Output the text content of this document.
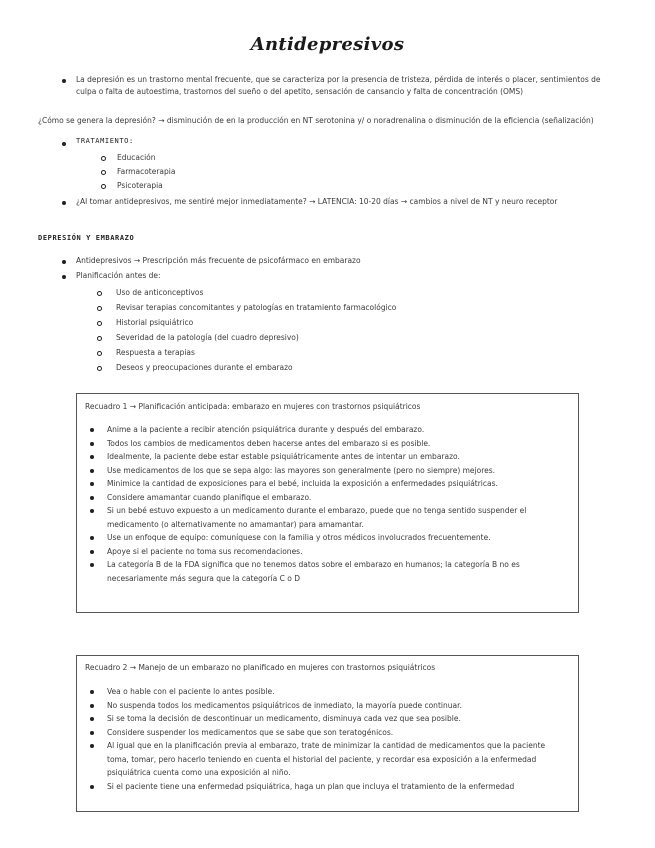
Antidepresivos
La depresión es un trastorno mental frecuente, que se caracteriza por la presencia de tristeza, pérdida de interés o placer, sentimientos de culpa o falta de autoestima, trastornos del sueño o del apetito, sensación de cansancio y falta de concentración (OMS)
¿Cómo se genera la depresión? → disminución de en la producción en NT serotonina y/ o noradrenalina o disminución de la eficiencia (señalización)
TRATAMIENTO:
Educación
Farmacoterapia
Psicoterapia
¿Al tomar antidepresivos, me sentiré mejor inmediatamente? → LATENCIA: 10-20 días → cambios a nivel de NT y neuro receptor
DEPRESIÓN Y EMBARAZO
Antidepresivos → Prescripción más frecuente de psicofármaco en embarazo
Planificación antes de:
Uso de anticonceptivos
Revisar terapias concomitantes y patologías en tratamiento farmacológico
Historial psiquiátrico
Severidad de la patología (del cuadro depresivo)
Respuesta a terapias
Deseos y preocupaciones durante el embarazo
Recuadro 1 → Planificación anticipada: embarazo en mujeres con trastornos psiquiátricos
Anime a la paciente a recibir atención psiquiátrica durante y después del embarazo.
Todos los cambios de medicamentos deben hacerse antes del embarazo si es posible.
Idealmente, la paciente debe estar estable psiquiátricamente antes de intentar un embarazo.
Use medicamentos de los que se sepa algo: las mayores son generalmente (pero no siempre) mejores.
Minimice la cantidad de exposiciones para el bebé, incluida la exposición a enfermedades psiquiátricas.
Considere amamantar cuando planifique el embarazo.
Si un bebé estuvo expuesto a un medicamento durante el embarazo, puede que no tenga sentido suspender el medicamento (o alternativamente no amamantar) para amamantar.
Use un enfoque de equipo: comuníquese con la familia y otros médicos involucrados frecuentemente.
Apoye si el paciente no toma sus recomendaciones.
La categoría B de la FDA significa que no tenemos datos sobre el embarazo en humanos; la categoría B no es necesariamente más segura que la categoría C o D
Recuadro 2 → Manejo de un embarazo no planificado en mujeres con trastornos psiquiátricos
Vea o hable con el paciente lo antes posible.
No suspenda todos los medicamentos psiquiátricos de inmediato, la mayoría puede continuar.
Si se toma la decisión de descontinuar un medicamento, disminuya cada vez que sea posible.
Considere suspender los medicamentos que se sabe que son teratogénicos.
Al igual que en la planificación previa al embarazo, trate de minimizar la cantidad de medicamentos que la paciente toma, tomar, pero hacerlo teniendo en cuenta el historial del paciente, y recordar esa exposición a la enfermedad psiquiátrica cuenta como una exposición al niño.
Si el paciente tiene una enfermedad psiquiátrica, haga un plan que incluya el tratamiento de la enfermedad
